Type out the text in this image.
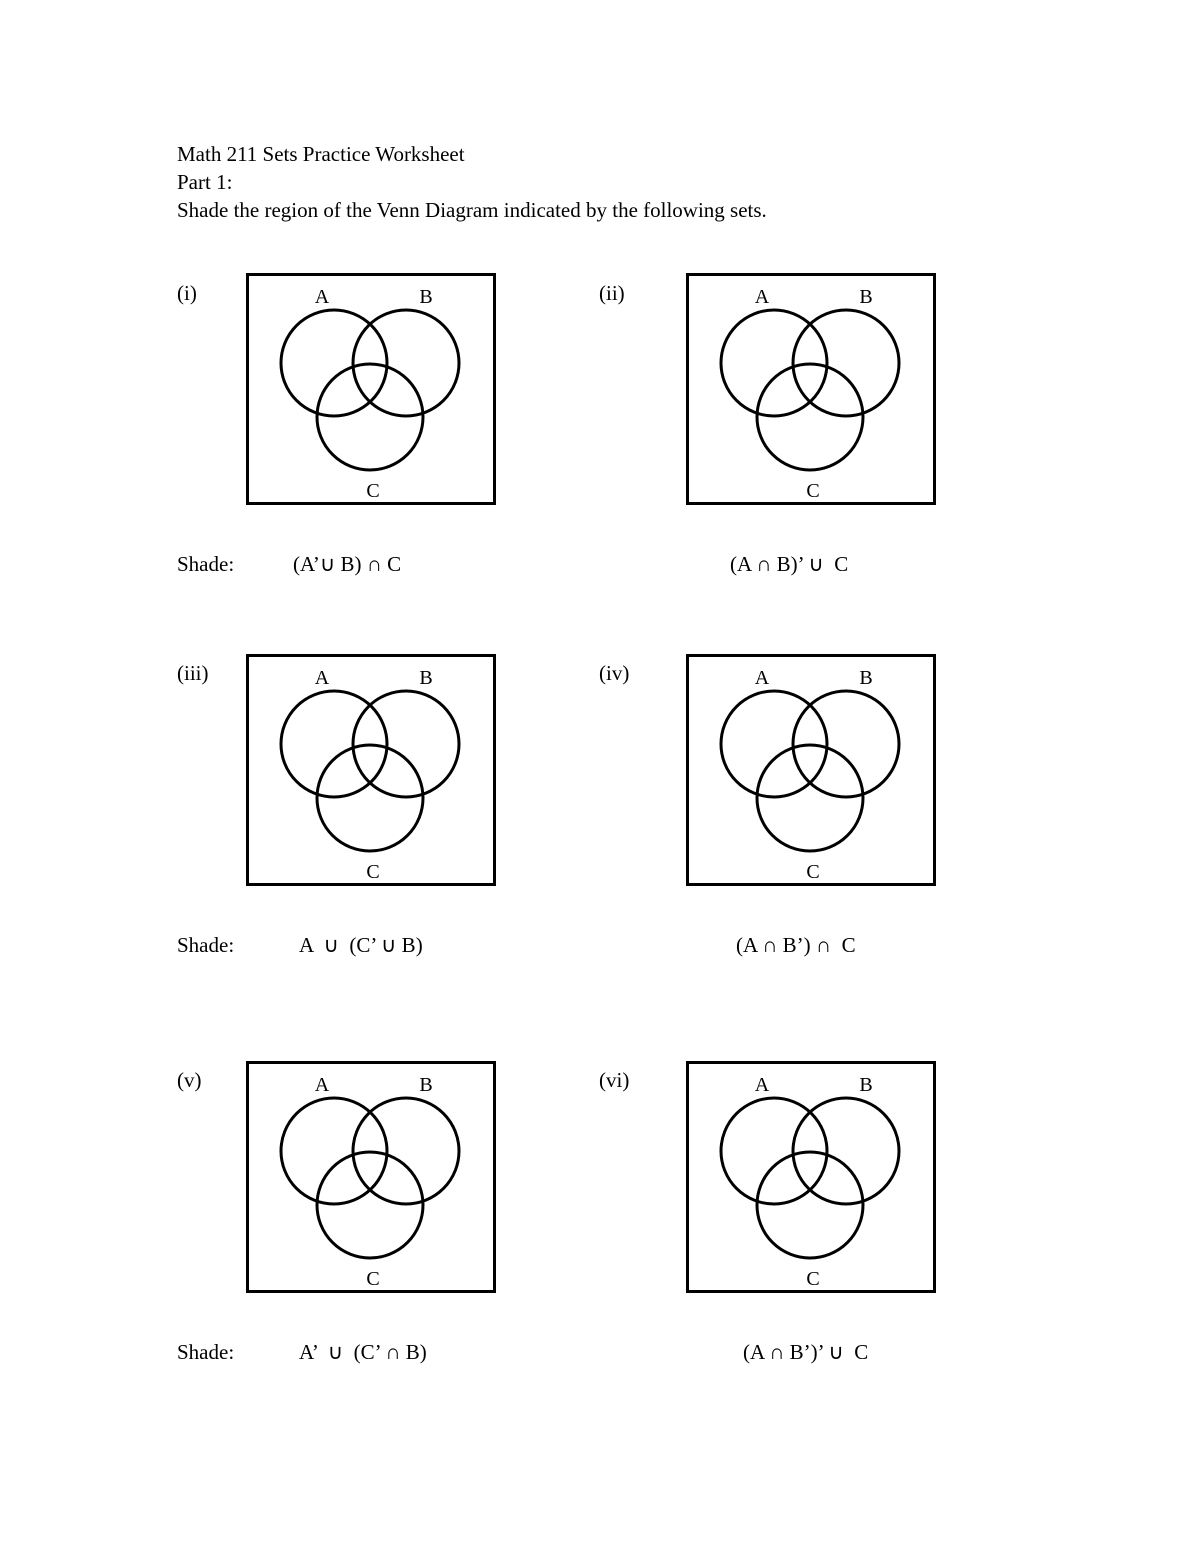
Math 211 Sets Practice Worksheet
Part 1:
Shade the region of the Venn Diagram indicated by the following sets.
(i)	(ii)
A	B
C
A	B
C
Shade:	(A’∪ B) ∩ C	(A ∩ B)’ ∪  C
(iii)	(iv)
A	B
C
A	B
C
Shade:	A  ∪  (C’ ∪ B)	(A ∩ B’) ∩  C
(v)	(vi)
A	B
C
A	B
C
Shade:	A’  ∪  (C’ ∩ B)	(A ∩ B’)’ ∪  C
